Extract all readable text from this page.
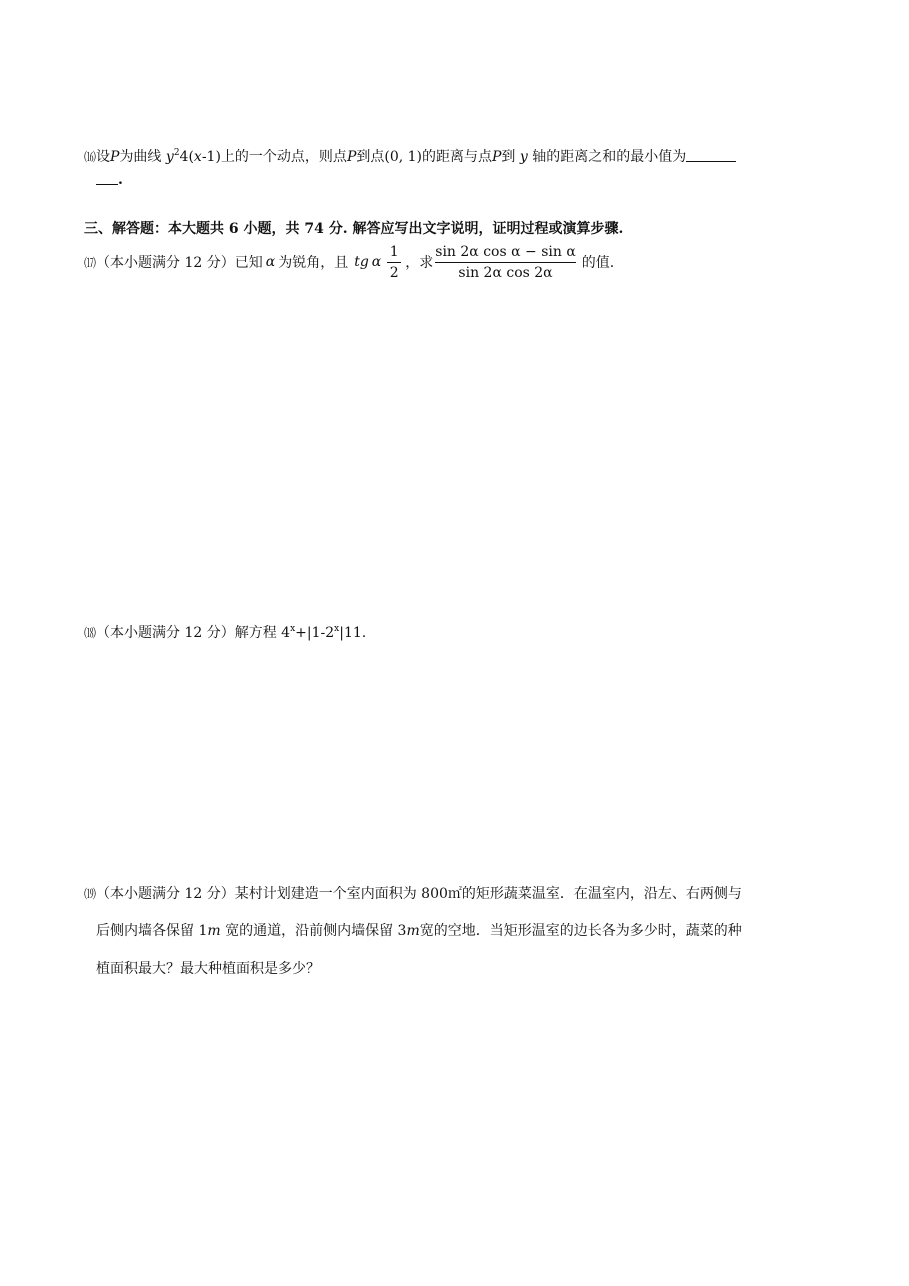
⒃设P为曲线 $y^24(x-1)$上的一个动点，则点P到点(0, 1)的距离与点P到 y 轴的距离之和的最小值为
.
三、解答题：本大题共 6 小题，共 74 分. 解答应写出文字说明，证明过程或演算步骤.
⒄ （本小题满分 12 分）已知 α 为锐角，且 tg α $\frac{1}{2}$ ，求 $\frac{\text{sin 2α cos α − sin α}}{\text{sin 2α cos 2α}}$ 的值.
⒅（本小题满分 12 分）解方程 $4^x+|1-2^x|11$.
⒆（本小题满分 12 分）某村计划建造一个室内面积为 800㎡的矩形蔬菜温室．在温室内，沿左、右两侧与
后侧内墙各保留 1m 宽的通道，沿前侧内墙保留 3m宽的空地．当矩形温室的边长各为多少时，蔬菜的种
植面积最大？最大种植面积是多少？
